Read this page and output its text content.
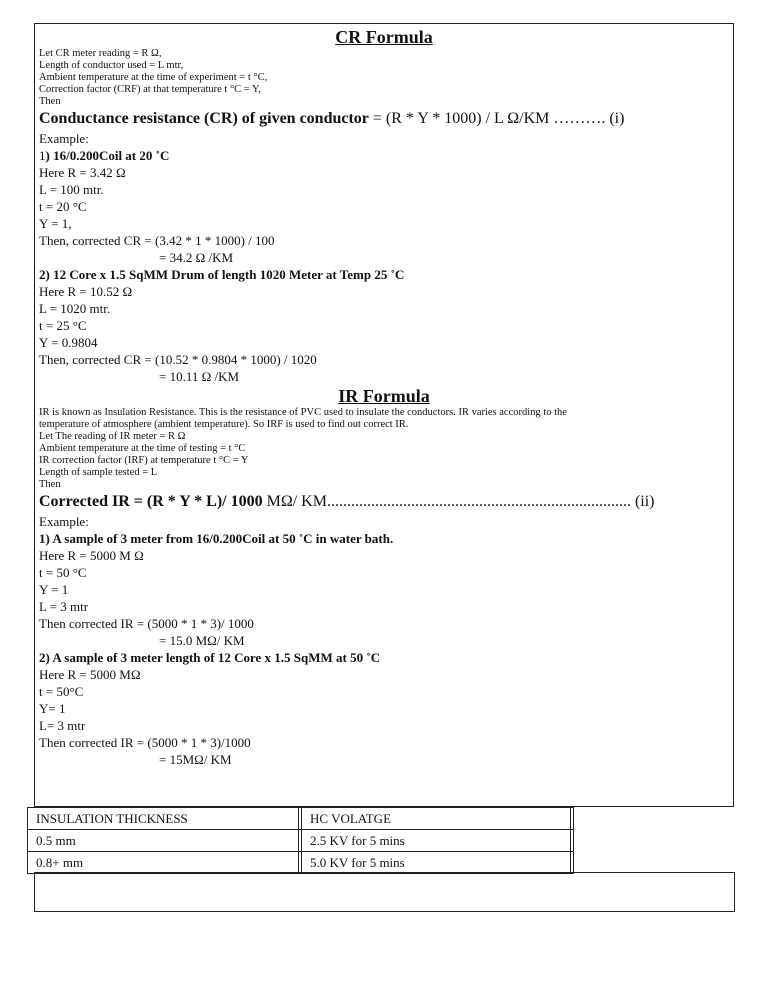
CR Formula

Let CR meter reading = R Ω,

Length of conductor used = L mtr,

Ambient temperature at the time of experiment = t °C,

Correction factor (CRF) at that temperature t °C = Y,

Then

Conductance resistance (CR) of given conductor = (R * Y * 1000) / L Ω/KM ………. (i)

Example:

1) 16/0.200Coil at 20 ˚C

Here R = 3.42 Ω

L = 100 mtr.

t = 20 °C

Y = 1,

Then, corrected CR = (3.42 * 1 * 1000) / 100

= 34.2 Ω /KM

2) 12 Core x 1.5 SqMM Drum of length 1020 Meter at Temp 25 ˚C

Here R = 10.52 Ω

L = 1020 mtr.

t = 25 °C

Y = 0.9804

Then, corrected CR = (10.52 * 0.9804 * 1000) / 1020

= 10.11 Ω /KM

IR Formula

IR is known as Insulation Resistance. This is the resistance of PVC used to insulate the conductors. IR varies according to the

temperature of atmosphere (ambient temperature). So IRF is used to find out correct IR.

Let The reading of IR meter = R Ω

Ambient temperature at the time of testing = t °C

IR correction factor (IRF) at temperature t °C = Y

Length of sample tested = L

Then

Corrected IR = (R * Y * L)/ 1000 MΩ/ KM............................................................................ (ii)

Example:

1) A sample of 3 meter from 16/0.200Coil at 50 ˚C in water bath.

Here R = 5000 M Ω

t = 50 °C

Y = 1

L = 3 mtr

Then corrected IR = (5000 * 1 * 3)/ 1000

= 15.0 MΩ/ KM

2) A sample of 3 meter length of 12 Core x 1.5 SqMM at 50 ˚C

Here R = 5000 MΩ

t = 50°C

Y= 1

L= 3 mtr

Then corrected IR = (5000 * 1 * 3)/1000

= 15MΩ/ KM

INSULATION THICKNESS		HC VOLATGE	
0.5 mm		2.5 KV for 5 mins	
0.8+ mm		5.0 KV for 5 mins	
